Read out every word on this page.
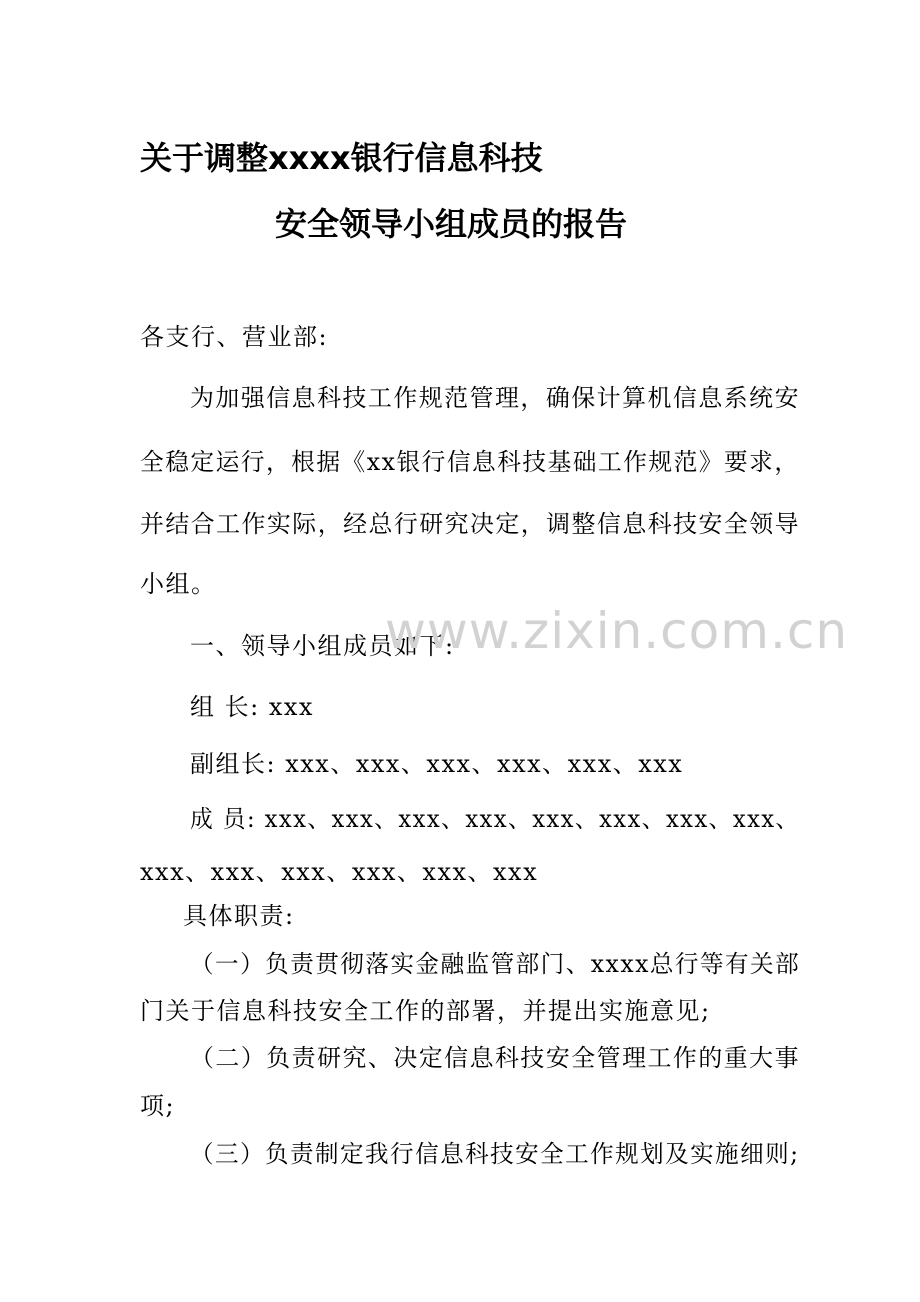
关于调整xxxx银行信息科技
安全领导小组成员的报告
各支行、营业部:
为加强信息科技工作规范管理，确保计算机信息系统安
全稳定运行，根据《xx银行信息科技基础工作规范》要求，
并结合工作实际，经总行研究决定，调整信息科技安全领导
小组。
一、领导小组成员如下:
组 长: xxx
副组长: xxx、xxx、xxx、xxx、xxx、xxx
成 员: xxx、xxx、xxx、xxx、xxx、xxx、xxx、xxx、
xxx、xxx、xxx、xxx、xxx、xxx
具体职责:
（一）负责贯彻落实金融监管部门、xxxx总行等有关部
门关于信息科技安全工作的部署，并提出实施意见;
（二）负责研究、决定信息科技安全管理工作的重大事
项;
（三）负责制定我行信息科技安全工作规划及实施细则;
www.zixin.com.cn
